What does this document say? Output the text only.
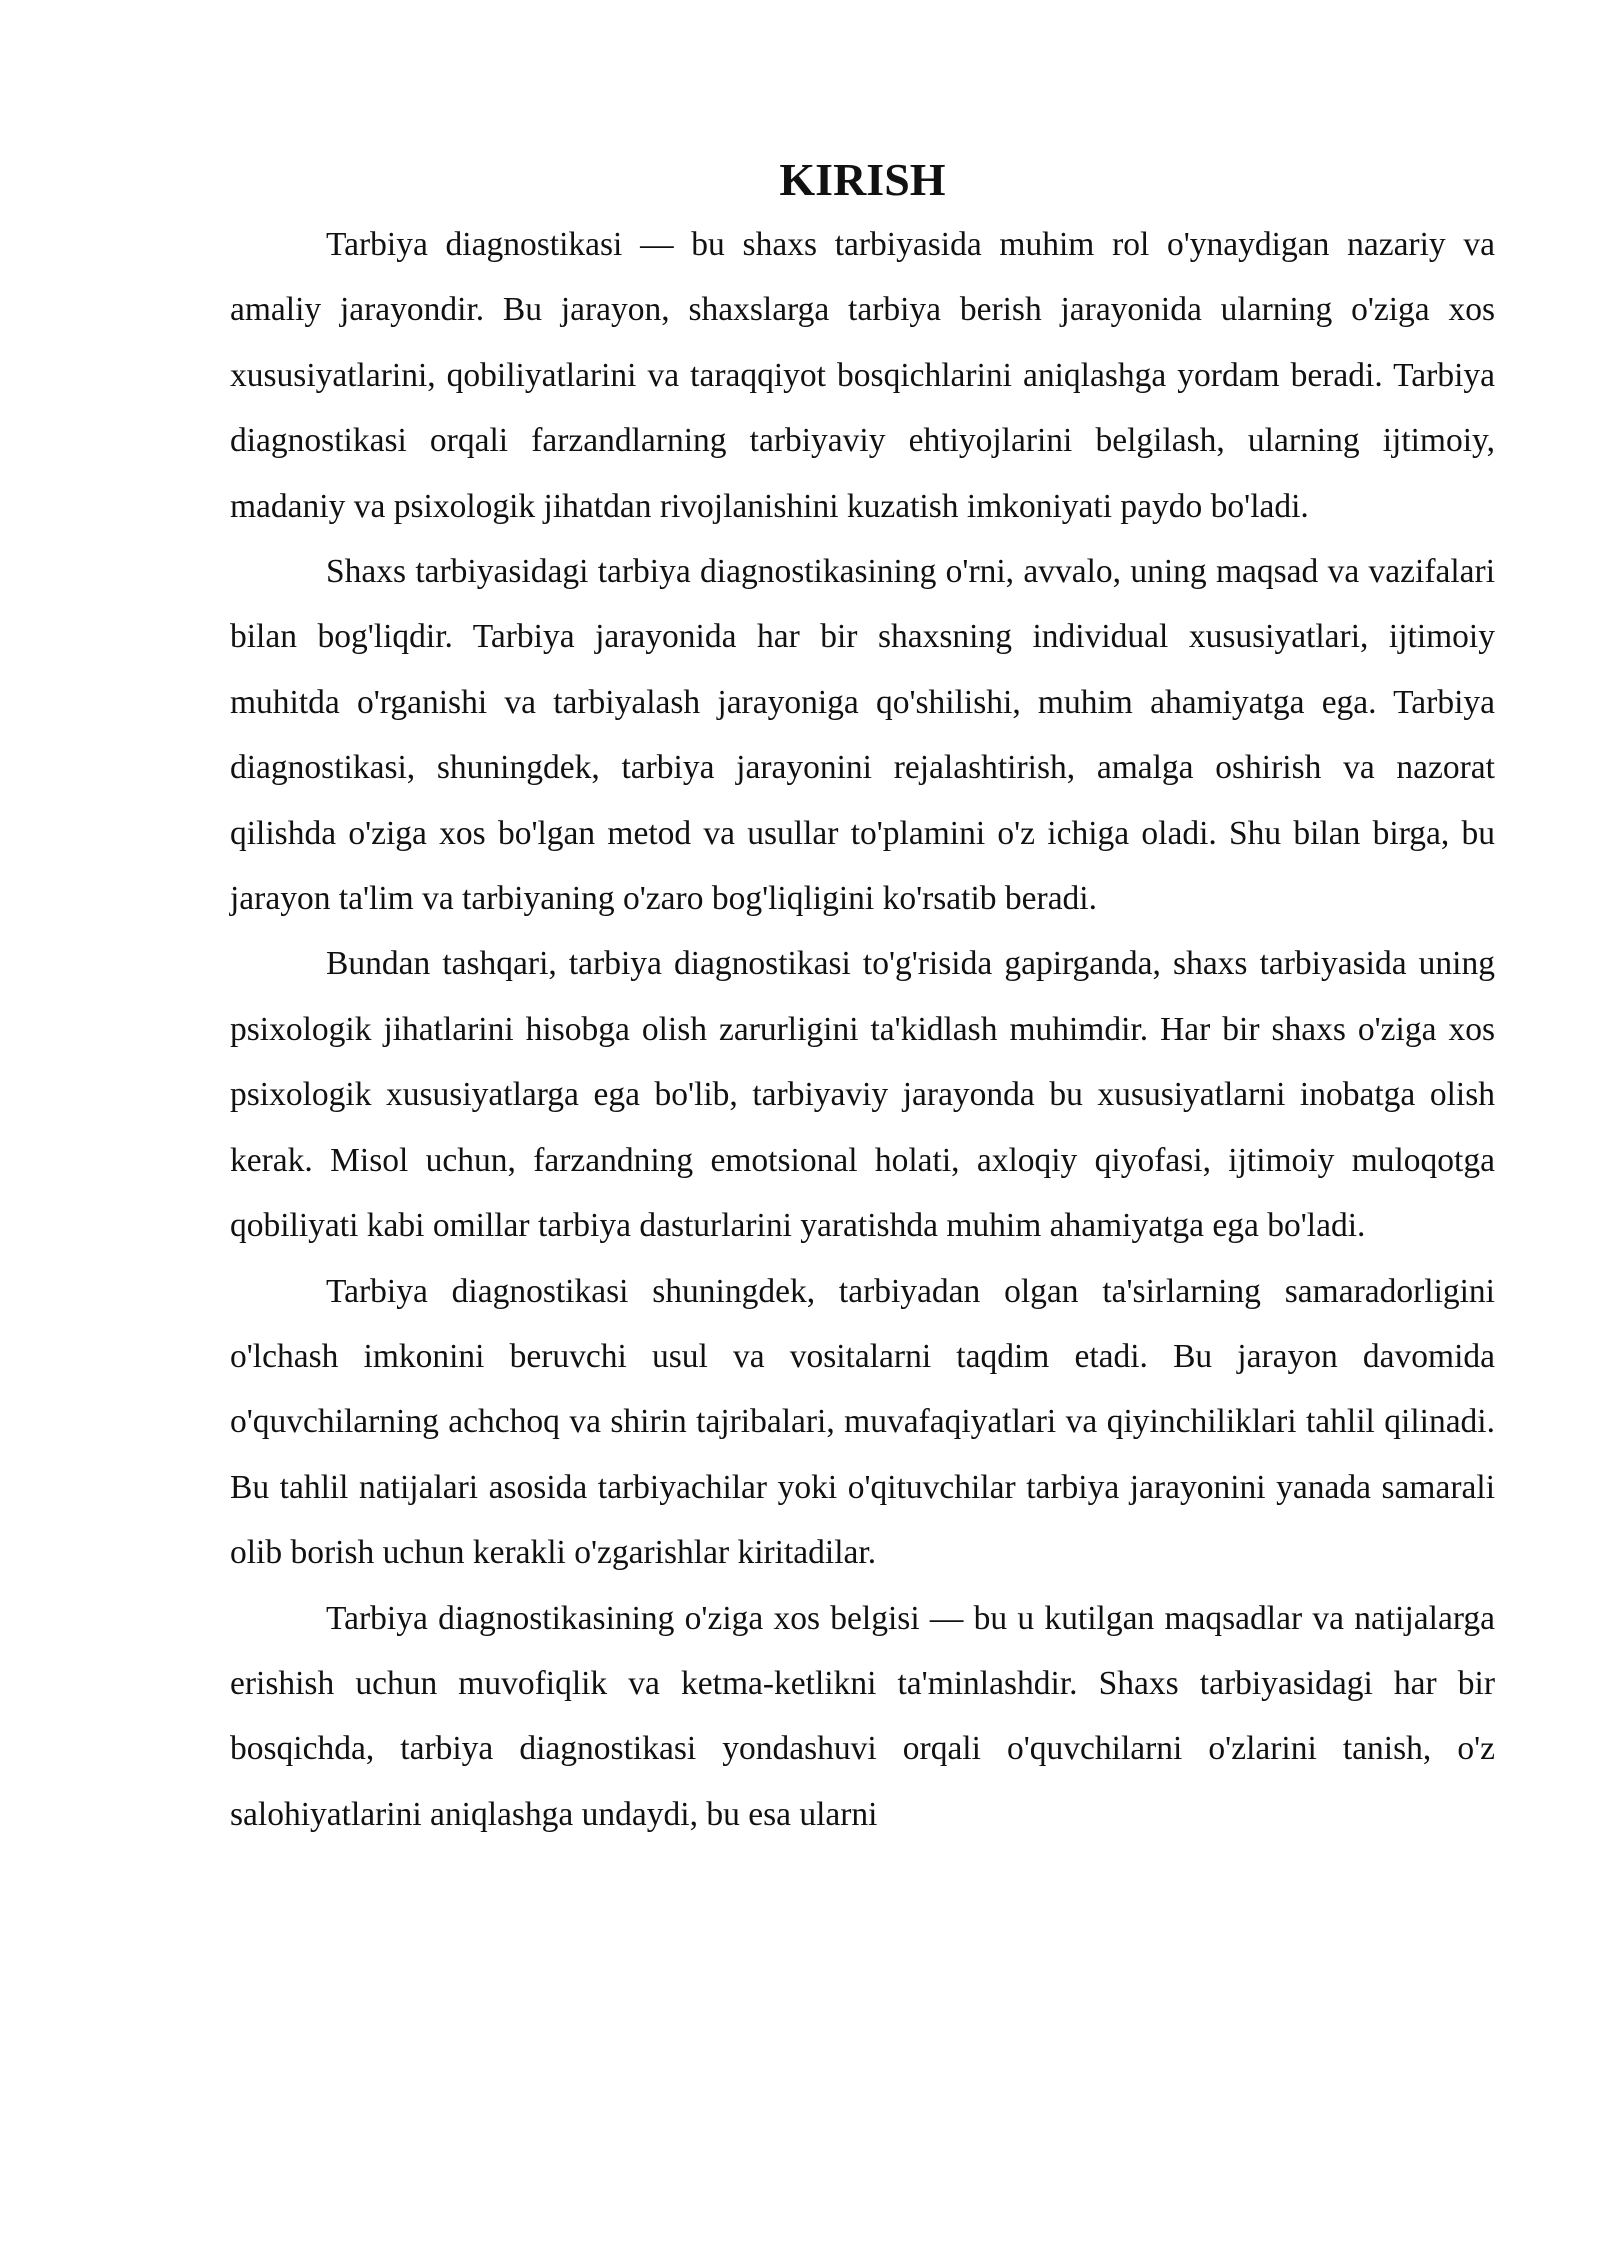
KIRISH

Tarbiya diagnostikasi — bu shaxs tarbiyasida muhim rol o'ynaydigan nazariy va amaliy jarayondir. Bu jarayon, shaxslarga tarbiya berish jarayonida ularning o'ziga xos xususiyatlarini, qobiliyatlarini va taraqqiyot bosqichlarini aniqlashga yordam beradi. Tarbiya diagnostikasi orqali farzandlarning tarbiyaviy ehtiyojlarini belgilash, ularning ijtimoiy, madaniy va psixologik jihatdan rivojlanishini kuzatish imkoniyati paydo bo'ladi.

Shaxs tarbiyasidagi tarbiya diagnostikasining o'rni, avvalo, uning maqsad va vazifalari bilan bog'liqdir. Tarbiya jarayonida har bir shaxsning individual xususiyatlari, ijtimoiy muhitda o'rganishi va tarbiyalash jarayoniga qo'shilishi, muhim ahamiyatga ega. Tarbiya diagnostikasi, shuningdek, tarbiya jarayonini rejalashtirish, amalga oshirish va nazorat qilishda o'ziga xos bo'lgan metod va usullar to'plamini o'z ichiga oladi. Shu bilan birga, bu jarayon ta'lim va tarbiyaning o'zaro bog'liqligini ko'rsatib beradi.

Bundan tashqari, tarbiya diagnostikasi to'g'risida gapirganda, shaxs tarbiyasida uning psixologik jihatlarini hisobga olish zarurligini ta'kidlash muhimdir. Har bir shaxs o'ziga xos psixologik xususiyatlarga ega bo'lib, tarbiyaviy jarayonda bu xususiyatlarni inobatga olish kerak. Misol uchun, farzandning emotsional holati, axloqiy qiyofasi, ijtimoiy muloqotga qobiliyati kabi omillar tarbiya dasturlarini yaratishda muhim ahamiyatga ega bo'ladi.

Tarbiya diagnostikasi shuningdek, tarbiyadan olgan ta'sirlarning samaradorligini o'lchash imkonini beruvchi usul va vositalarni taqdim etadi. Bu jarayon davomida o'quvchilarning achchoq va shirin tajribalari, muvafaqiyatlari va qiyinchiliklari tahlil qilinadi. Bu tahlil natijalari asosida tarbiyachilar yoki o'qituvchilar tarbiya jarayonini yanada samarali olib borish uchun kerakli o'zgarishlar kiritadilar.

Tarbiya diagnostikasining o'ziga xos belgisi — bu u kutilgan maqsadlar va natijalarga erishish uchun muvofiqlik va ketma-ketlikni ta'minlashdir. Shaxs tarbiyasidagi har bir bosqichda, tarbiya diagnostikasi yondashuvi orqali o'quvchilarni o'zlarini tanish, o'z salohiyatlarini aniqlashga undaydi, bu esa ularni
